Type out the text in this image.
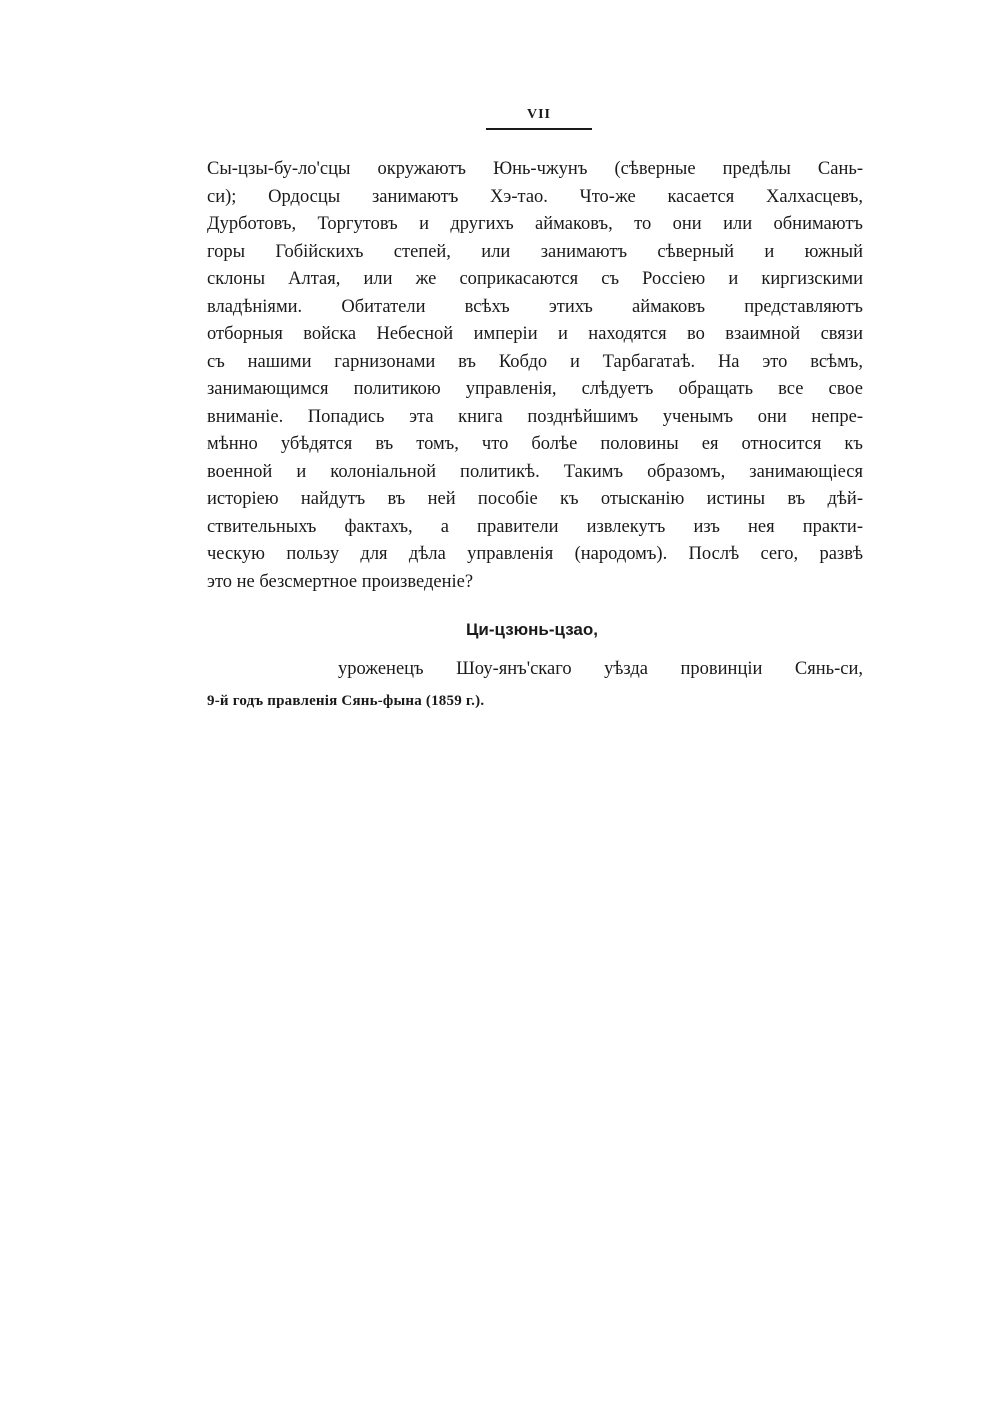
VII
Сы-цзы-бу-ло'сцы окружаютъ Юнь-чжунъ (сѣверные предѣлы Сань-
си); Ордосцы занимаютъ Хэ-тао. Что-же касается Халхасцевъ,
Дурботовъ, Торгутовъ и другихъ аймаковъ, то они или обнимаютъ
горы Гобійскихъ степей, или занимаютъ сѣверный и южный
склоны Алтая, или же соприкасаются съ Россіею и киргизскими
владѣніями. Обитатели всѣхъ этихъ аймаковъ представляютъ
отборныя войска Небесной имперіи и находятся во взаимной связи
съ нашими гарнизонами въ Кобдо и Тарбагатаѣ. На это всѣмъ,
занимающимся политикою управленія, слѣдуетъ обращать все свое
вниманіе. Попадись эта книга позднѣйшимъ ученымъ они непре-
мѣнно убѣдятся въ томъ, что болѣе половины ея относится къ
военной и колоніальной политикѣ. Такимъ образомъ, занимающіеся
исторіею найдутъ въ ней пособіе къ отысканію истины въ дѣй-
ствительныхъ фактахъ, а правители извлекутъ изъ нея практи-
ческую пользу для дѣла управленія (народомъ). Послѣ сего, развѣ
это не безсмертное произведеніе?
Ци-цзюнь-цзао,
уроженецъ Шоу-янъ'скаго уѣзда провинціи Сянь-си,
9-й годъ правленія Сянь-фына (1859 г.).
